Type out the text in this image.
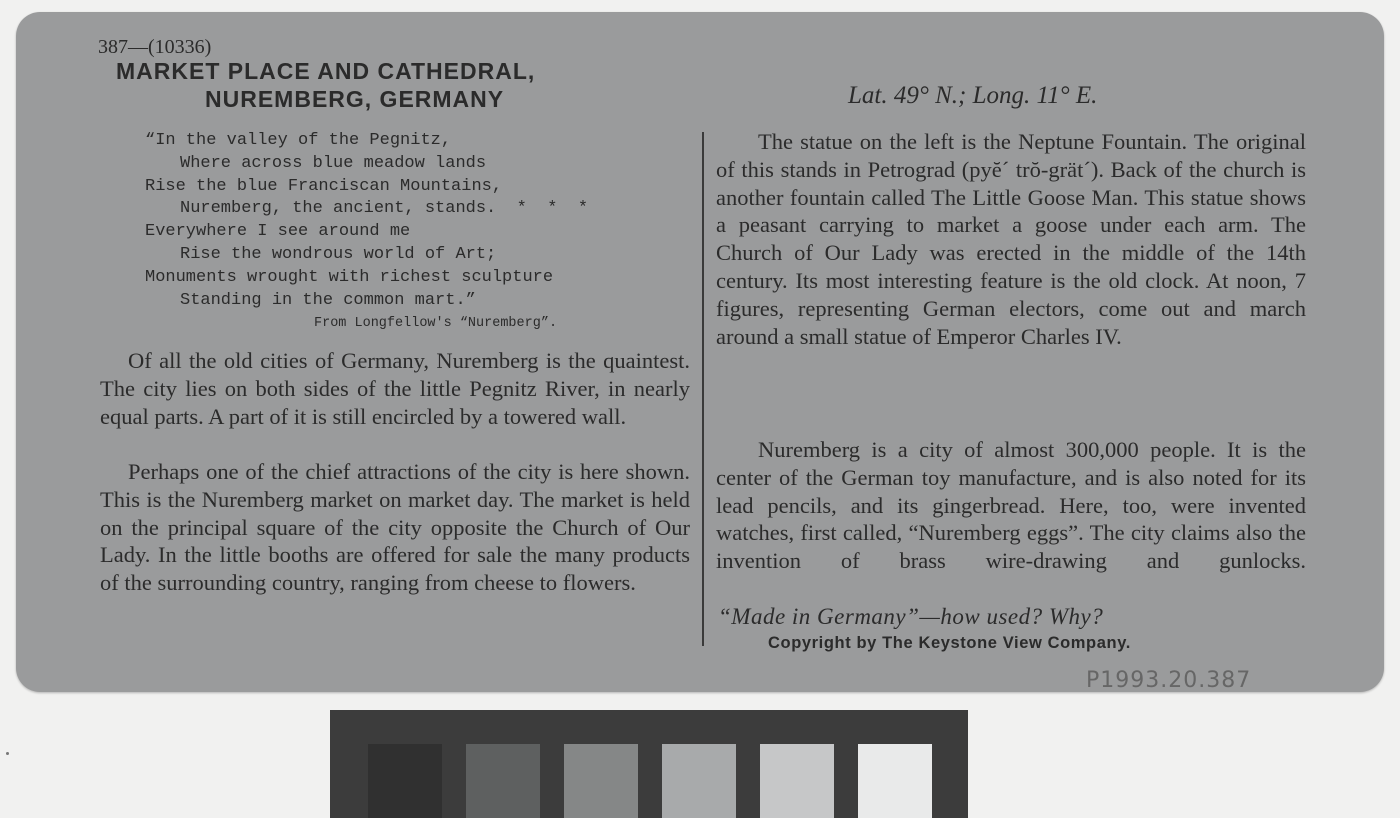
387—(10336)
MARKET PLACE AND CATHEDRAL,
NUREMBERG, GERMANY	Lat. 49° N.; Long. 11° E.
“In the valley of the Pegnitz,
Where across blue meadow lands
Rise the blue Franciscan Mountains,
Nuremberg, the ancient, stands.  *  *  *
Everywhere I see around me
Rise the wondrous world of Art;
Monuments wrought with richest sculpture
Standing in the common mart.”
From Longfellow's “Nuremberg”.
Of all the old cities of Germany, Nuremberg is the quaintest. The city lies on both sides of the little Pegnitz River, in nearly equal parts. A part of it is still encircled by a towered wall.
Perhaps one of the chief attractions of the city is here shown. This is the Nuremberg market on market day. The market is held on the principal square of the city opposite the Church of Our Lady. In the little booths are offered for sale the many products of the surrounding country, ranging from cheese to flowers.
The statue on the left is the Neptune Fountain. The original of this stands in Petrograd (pyĕ´ trŏ-grät´). Back of the church is another fountain called The Little Goose Man. This statue shows a peasant carrying to market a goose under each arm. The Church of Our Lady was erected in the middle of the 14th century. Its most interesting feature is the old clock. At noon, 7 figures, representing German electors, come out and march around a small statue of Emperor Charles IV.
Nuremberg is a city of almost 300,000 people. It is the center of the German toy manufacture, and is also noted for its lead pencils, and its gingerbread. Here, too, were invented watches, first called, “Nuremberg eggs”. The city claims also the invention of brass wire-drawing and gunlocks.
“Made in Germany”—how used? Why?
Copyright by The Keystone View Company.
P1993.20.387
